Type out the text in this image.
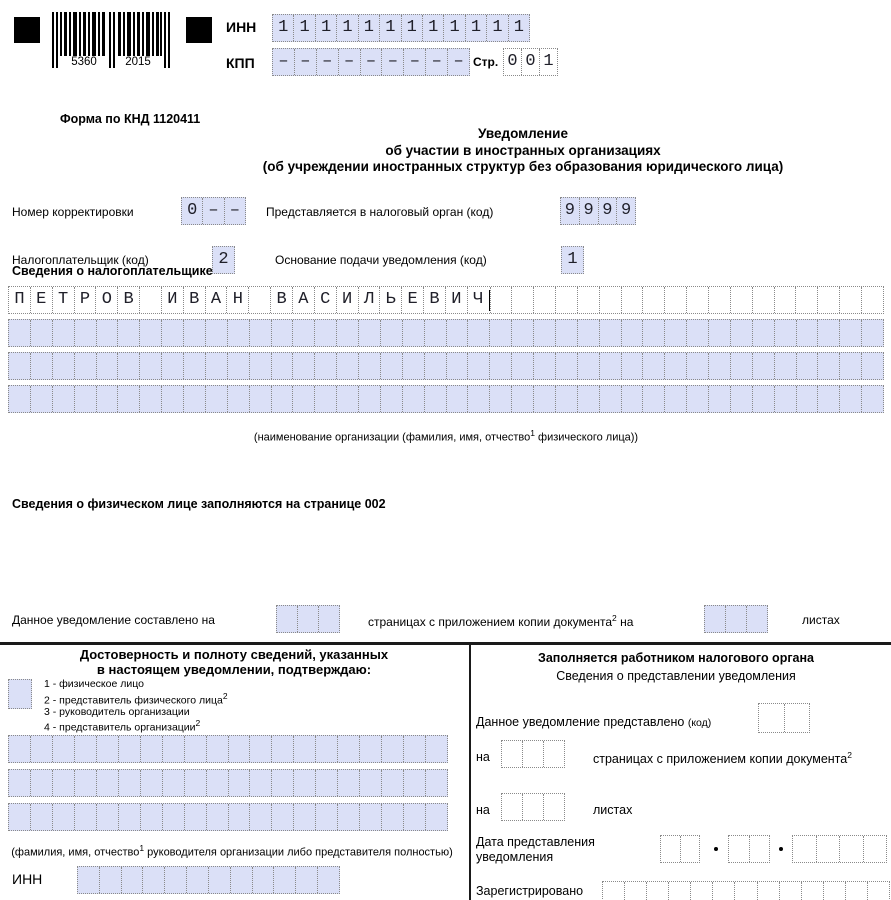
5360	2015
ИНН	1 1 1 1 1 1 1 1 1 1 1 1
КПП	– – – – – – – – – Стр. 0 0 1
Форма по КНД 1120411
Уведомление
об участии в иностранных организациях
(об учреждении иностранных структур без образования юридического лица)
Номер корректировки	0 – –	Представляется в налоговый орган (код)	9 9 9 9
Налогоплательщик (код)	2	Основание подачи уведомления (код)	1
Сведения о налогоплательщике
П Е Т Р О В	И В А Н	В А С И Л Ь Е В И Ч
(наименование организации (фамилия, имя, отчество$^1$ физического лица))
Сведения о физическом лице заполняются на странице 002
Данное уведомление составлено на	страницах с приложением копии документа$^2$ на	листах
Достоверность и полноту сведений, указанных
в настоящем уведомлении, подтверждаю:
1 - физическое лицо
2 - представитель физического лица$^2$
3 - руководитель организации
4 - представитель организации$^2$
(фамилия, имя, отчество$^1$ руководителя организации либо представителя полностью)
ИНН
Заполняется работником налогового органа
Сведения о представлении уведомления
Данное уведомление представлено (код)
на	страницах с приложением копии документа$^2$
на	листах
Дата представления
уведомления
Зарегистрировано
